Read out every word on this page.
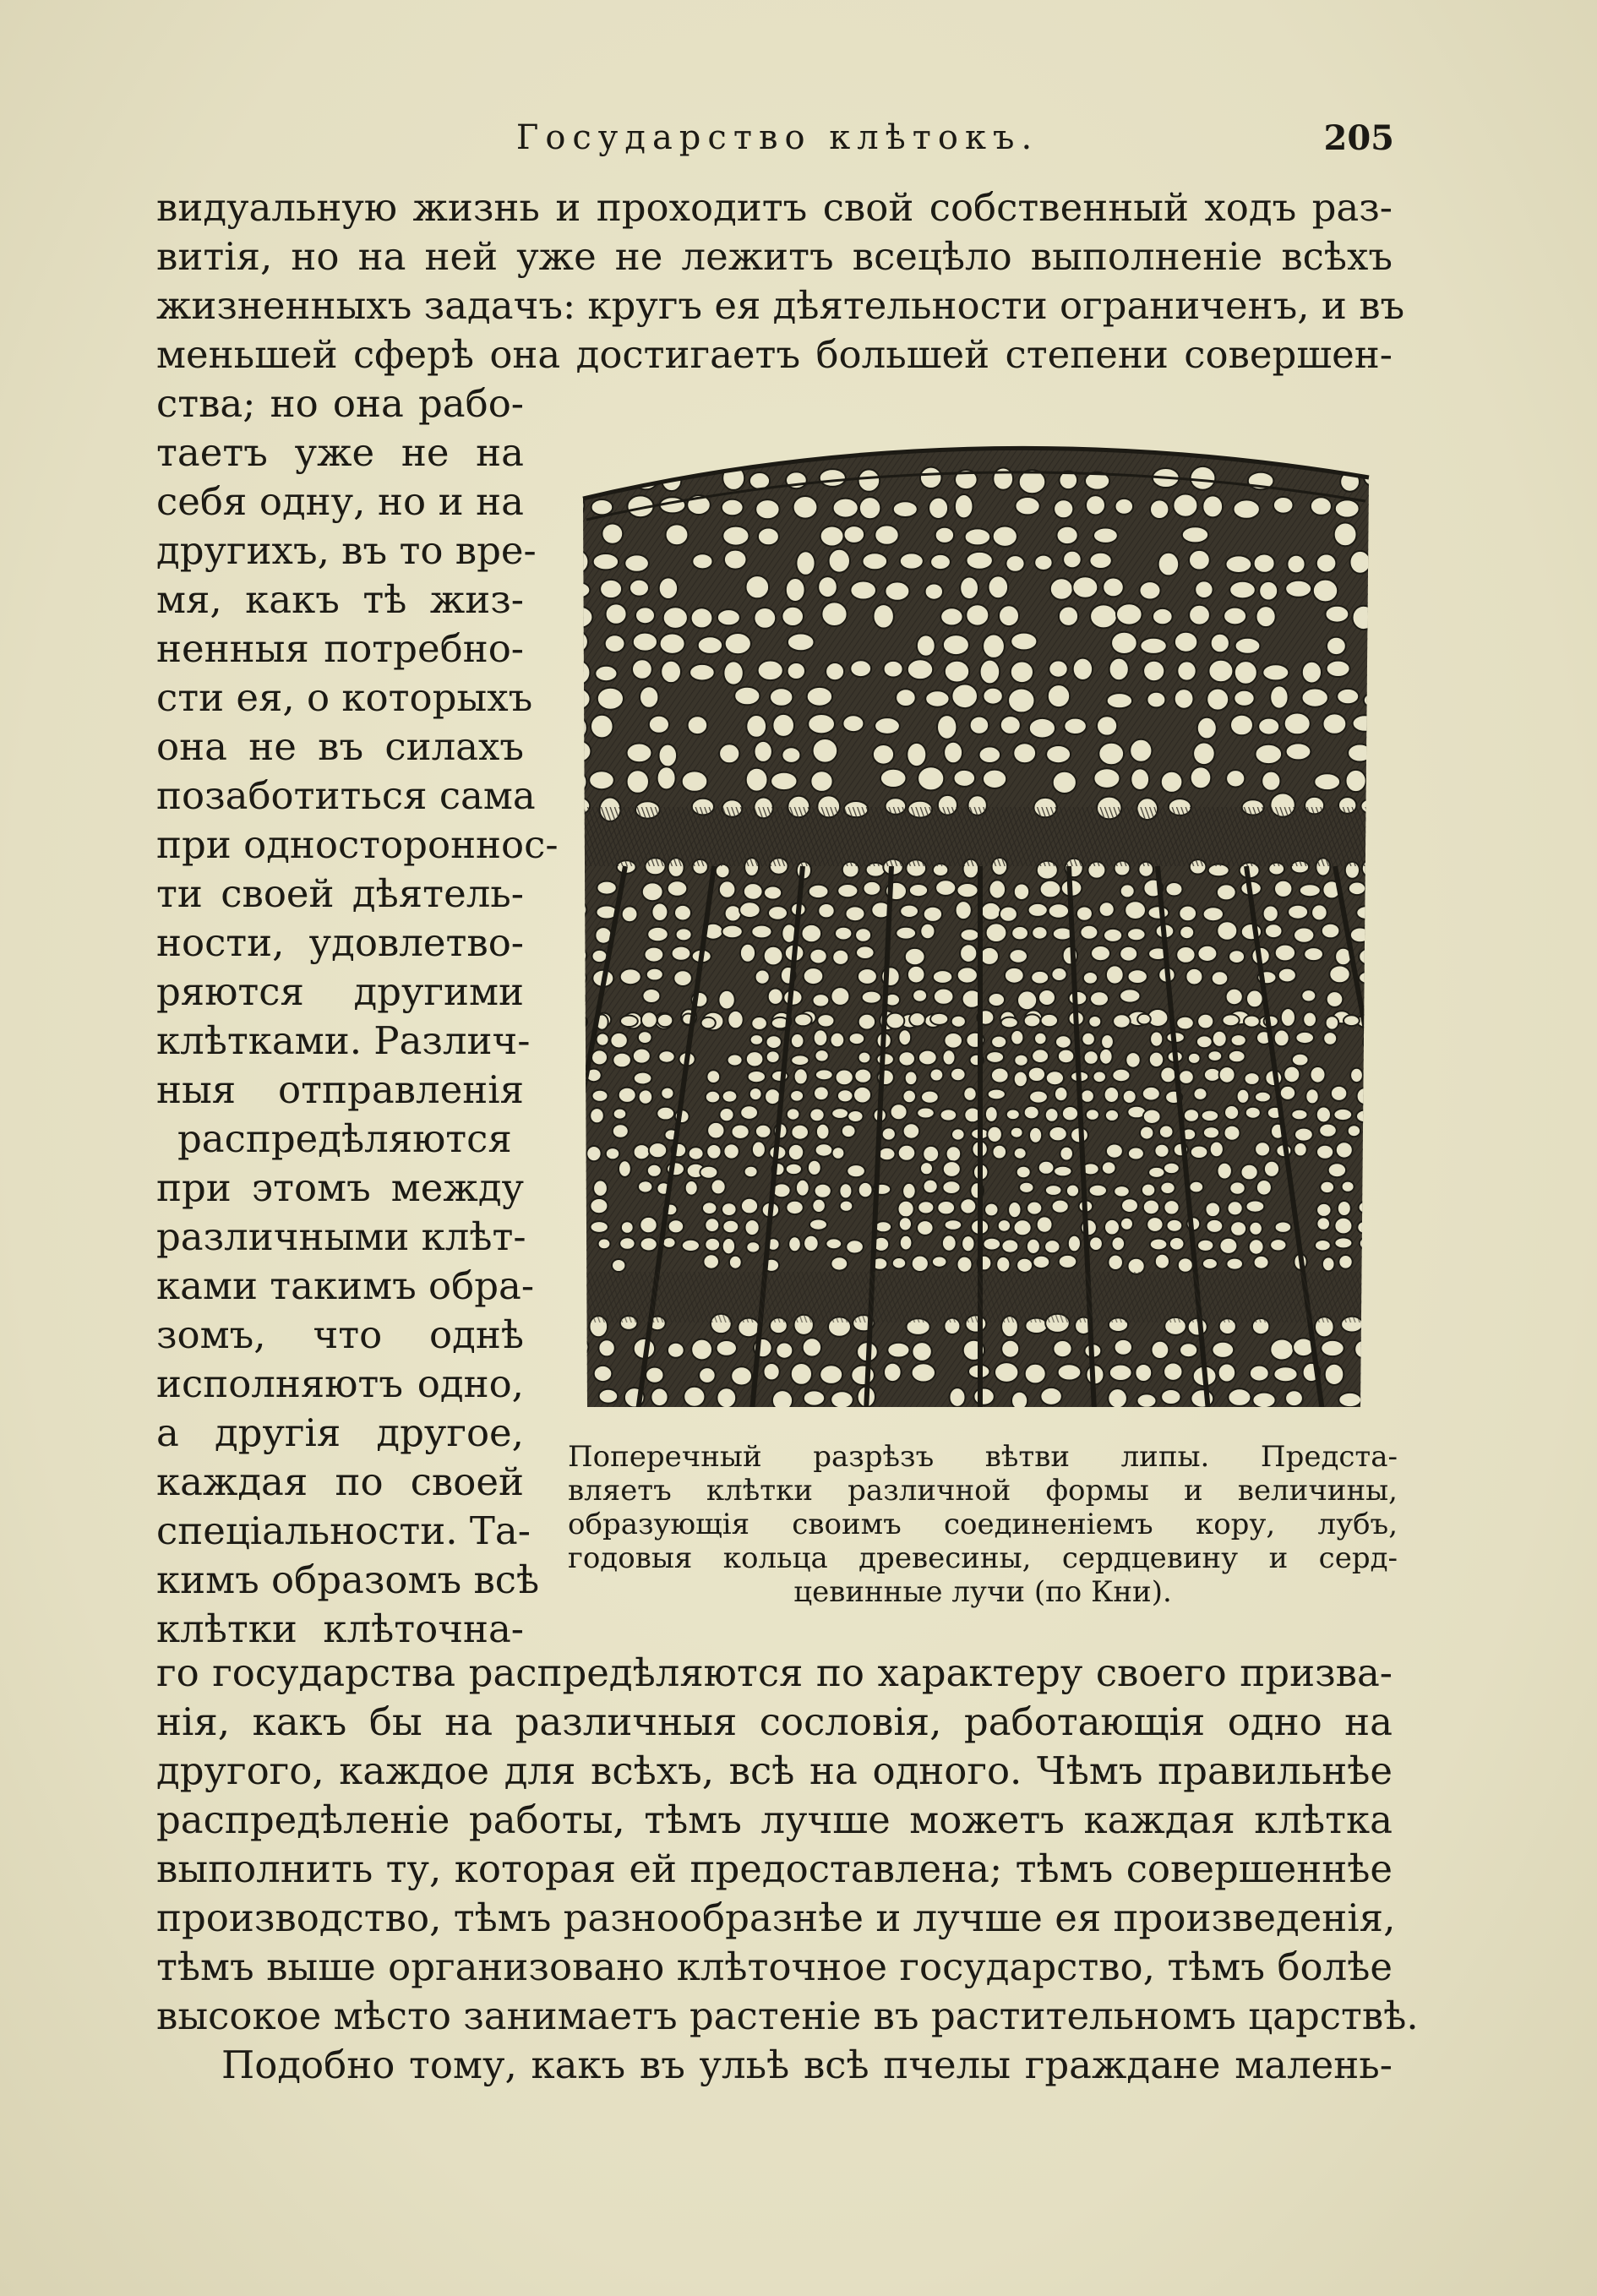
Государство клѣтокъ.	205
видуальную жизнь и проходитъ свой собственный ходъ раз-
витія, но на ней уже не лежитъ всецѣло выполненіе всѣхъ
жизненныхъ задачъ: кругъ ея дѣятельности ограниченъ, и въ
меньшей сферѣ она достигаетъ большей степени совершен-
ства; но она рабо-
таетъ уже не на
себя одну, но и на
другихъ, въ то вре-
мя, какъ тѣ жиз-
ненныя потребно-
сти ея, о которыхъ
она не въ силахъ
позаботиться сама
при одностороннос-
ти своей дѣятель-
ности, удовлетво-
ряются другими
клѣтками. Различ-
ныя отправленія
распредѣляются
при этомъ между
различными клѣт-
ками такимъ обра-
зомъ, что однѣ
исполняютъ одно,
а другія другое,
каждая по своей
спеціальности. Та-
кимъ образомъ всѣ
клѣтки клѣточна-
го государства распредѣляются по характеру своего призва-
нія, какъ бы на различныя сословія, работающія одно на
другого, каждое для всѣхъ, всѣ на одного. Чѣмъ правильнѣе
распредѣленіе работы, тѣмъ лучше можетъ каждая клѣтка
выполнить ту, которая ей предоставлена; тѣмъ совершеннѣе
производство, тѣмъ разнообразнѣе и лучше ея произведенія,
тѣмъ выше организовано клѣточное государство, тѣмъ болѣе
высокое мѣсто занимаетъ растеніе въ растительномъ царствѣ.
Подобно тому, какъ въ ульѣ всѣ пчелы граждане малень-
Поперечный разрѣзъ вѣтви липы. Предста-
вляетъ клѣтки различной формы и величины,
образующія своимъ соединеніемъ кору, лубъ,
годовыя кольца древесины, сердцевину и серд-
цевинные лучи (по Кни).
